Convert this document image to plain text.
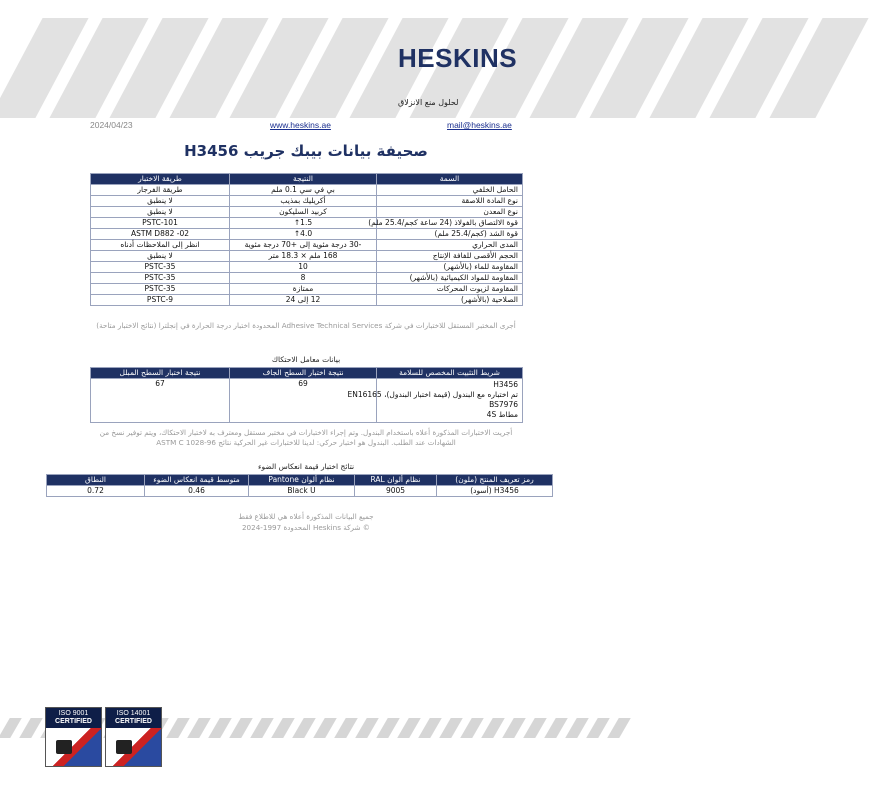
HESKINS
لحلول منع الانزلاق
2024/04/23	www.heskins.ae	mail@heskins.ae
صحيفة بيانات بيبك جريب H3456
السمة	النتيجة	طريقة الاختبار
الحامل الخلفي	بي في سي 0.1 ملم	طريقة الفرجار
نوع المادة اللاصقة	أكريليك بمذيب	لا ينطبق
نوع المعدن	كربيد السليكون	لا ينطبق
قوة الالتصاق بالفولاذ (24 ساعة كجم/25.4 ملم)	1.5↑	PSTC-101
قوة الشد (كجم/25.4 ملم)	4.0↑	ASTM D882 -02
المدى الحراري	-30 درجة مئوية إلى +70 درجة مئوية	انظر إلى الملاحظات أدناه
الحجم الأقصى للفافة الإنتاج	168 ملم × 18.3 متر	لا ينطبق
المقاومة للماء (بالأشهر)	10	PSTC-35
المقاومة للمواد الكيميائية (بالأشهر)	8	PSTC-35
المقاومة لزيوت المحركات	ممتازة	PSTC-35
الصلاحية (بالأشهر)	12 إلى 24	PSTC-9
أجرى المختبر المستقل للاختبارات في شركة Adhesive Technical Services المحدودة اختبار درجة الحرارة في إنجلترا (نتائج الاختبار متاحة)
بيانات معامل الاحتكاك
شريط التثبيت المخصص للسلامة	نتيجة اختبار السطح الجاف	نتيجة اختبار السطح المبلل

H3456
تم اختباره مع البندول (قيمة اختبار البندول)، EN16165
BS7976
مطاط 4S	69	67
أجريت الاختبارات المذكورة أعلاه باستخدام البندول. وتم إجراء الاختبارات في مختبر مستقل ومعترف به لاختبار الاحتكاك، ويتم توفير نسخ من الشهادات عند الطلب. البندول هو اختبار حركي: لدينا للاختبارات غير الحركية نتائج ASTM C 1028-96
نتائج اختبار قيمة انعكاس الضوء
رمز تعريف المنتج (ملون)	نظام ألوان RAL	نظام ألوان Pantone	متوسط قيمة انعكاس الضوء	النطاق
H3456 (أسود)	9005	Black U	0.46	0.72
جميع البيانات المذكورة أعلاه هي للاطلاع فقط
© شركة Heskins المحدودة 1997-2024
ISO 9001
CERTIFIED
ISO 14001
CERTIFIED
